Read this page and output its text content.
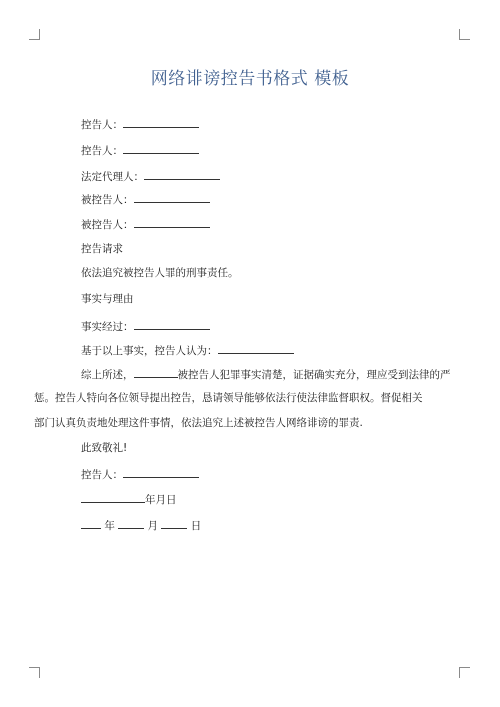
网络诽谤控告书格式 模板
控告人：
控告人：
法定代理人：
被控告人：
被控告人：
控告请求
依法追究被控告人罪的刑事责任。
事实与理由
事实经过：
基于以上事实，控告人认为：
综上所述，	被控告人犯罪事实清楚，证据确实充分，理应受到法律的严
惩。控告人特向各位领导提出控告，恳请领导能够依法行使法律监督职权。督促相关
部门认真负责地处理这件事情，依法追究上述被控告人网络诽谤的罪责.
此致敬礼!
控告人：
年月日
年	月	日
